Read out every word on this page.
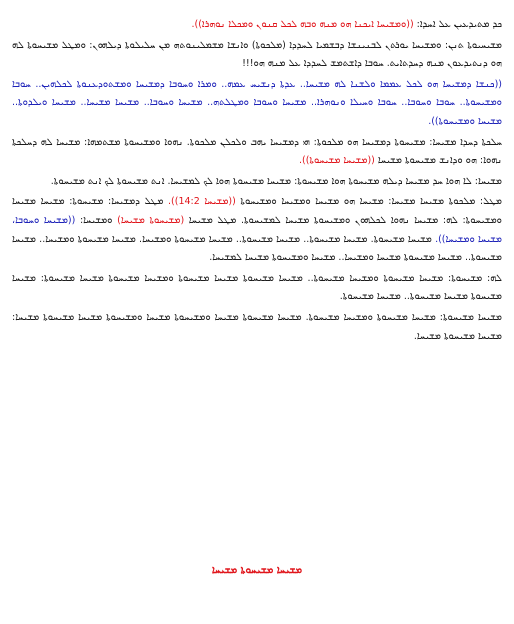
ܟܕ ܡܬܝܕܥܝܢ ܥܠ ܐܚܕܐ: ((ܘܡܫܝܚܐ ܐܝܟܢܐ ܗܘ ܡܢܗ ܘܒܗ ܠܟܠ ܩܢܘܢ ܘܡܟܠܐ ܢܘܗܪܐ)).

ܡܫܝܚܝܘܬܐ ܬܢܢ: ܘܡܫܝܚܐ ܝܘܪܬܢ ܠܒܢܝܢܫܐ ܕܒܫܡܝܐ ܠܚܕܕܐ (ܡܠܟܘܬܐ) ܘܐܢܫܐ ܡܫܡܠܝܢܘܬܗ ܡܢ ܚܠܝܠܘܬܐ ܕܝܠܗܘܢ: ܘܡܛܠ ܡܫܝܚܘܬܐ ܠܗ ܗܘ ܕܢܬܝܕܥܘܢ ܡܢܗ ܕܚܕܬܐܝܬ. ܚܘܒܐ ܕܐܫܬܡܫ ܠܚܕܕܐ ܥܠ ܡܢܗ ܗܘ!!!

((ܟܢܫܐ ܕܡܫܝܚܐ ܗܘ ܠܟܠ ܥܡܡܐ ܘܠܫܢܐ ܠܗ ܡܫܝܚܐ.. ܥܕܬܐ ܕܢܫܝܚ ܥܡܗ.. ܘܡܪܐ ܘܚܘܒܐ ܕܡܫܝܚܐ ܘܡܫܬܘܕܥܢܘܬܐ ܠܟܠܗܝܢ.. ܚܘܒܐ ܘܡܫܝܚܘܬܐ.. ܚܘܒܐ ܘܚܘܒܐ.. ܚܘܒܐ ܘܚܝܠܐ ܘܢܘܗܪܐ.. ܡܫܝܚܐ ܘܚܘܒܐ ܘܡܛܠܬܗ.. ܡܫܝܚܐ ܘܚܘܒܐ.. ܡܫܝܚܐ ܡܫܝܚܐ.. ܡܫܝܚܐ ܘܝܠܕܘܬܐ.. ܡܫܝܚܐ ܘܡܫܝܚܘܬܐ)).

ܚܠܟܬܐ ܕܚܕܐ ܡܫܝܚܐ: ܡܫܝܚܘܬܐ ܕܡܫܝܚܐ ܗܘ ܡܠܟܘܬܐ: ܗܝ ܕܡܫܝܚܐ ܝܗܒ ܘܠܟܠܢ ܡܠܟܘܬܐ. ܢܗܘܐ ܘܡܫܝܚܘܬܐ ܡܫܬܡܗܐ: ܡܫܝܚܐ ܠܗ ܕܚܠܟܬܐ ܢܗܘܐ: ܗܘ ܘܕܐܢܫ ܡܫܝܚܘܬܐ ܡܫܝܚܐ ((ܡܫܝܚܐ ܡܫܝܚܘܬܐ)).

ܡܫܝܚܐ: ܠܐ ܗܘܐ ܚܕ ܡܫܝܚܐ ܕܝܠܗ ܡܫܝܚܘܬܐ ܗܘܐ ܡܫܝܚܘܬܐ: ܡܫܝܚܐ ܡܫܝܚܘܬܐ ܗܘܐ ܠܟ ܠܡܫܝܚܐ. ܐܢܬ ܡܫܝܚܘܬܐ ܠܟ ܐܢܬ ܡܫܝܚܘܬܐ.

ܡܛܠ: ܡܠܟܘܬܐ ܡܫܝܚܐ ܡܫܝܚܐ: ܡܫܝܚܐ ܗܘ ܡܫܝܚܐ ܘܡܫܝܚܐ ܘܡܫܝܚܘܬܐ ((ܡܫܝܚܐ 14:2)). ܡܛܠ ܕܡܫܝܚܐ: ܡܫܝܚܘܬܐ: ܡܫܝܚܐ ܡܫܝܚܐ ܘܡܫܝܚܘܬܐ: ܠܗ: ܡܫܝܚܐ ܢܗܘܐ ܠܟܠܗܘܢ ܘܡܫܝܚܘܬܐ ܡܫܝܚܐ ܠܡܫܝܚܘܬܐ. ܡܛܠ ܡܫܝܚܐ (ܡܫܝܚܘܬܐ ܡܫܝܚܐ) ܘܡܫܝܚܐ: ((ܡܫܝܚܐ ܘܚܘܒܐ، ܡܫܝܚܐ ܘܡܫܝܚܐ)). ܡܫܝܚܐ ܡܫܝܚܘܬܐ. ܡܫܝܚܐ ܡܫܝܚܘܬܐ.. ܡܫܝܚܐ ܡܫܝܚܘܬܐ.. ܡܫܝܚܐ ܡܫܝܚܘܬܐ ܘܡܫܝܚܐ. ܡܫܝܚܐ ܡܫܝܚܘܬܐ ܘܡܫܝܚܐ.. ܡܫܝܚܐ ܡܫܝܚܘܬܐ.. ܡܫܝܚܐ ܡܫܝܚܘܬܐ ܡܫܝܚܐ ܘܡܫܝܚܐ.. ܡܫܝܚܐ ܘܡܫܝܚܘܬܐ ܡܫܝܚܐ ܠܡܫܝܚܐ.

ܠܗ: ܡܫܝܚܘܬܐ: ܡܫܝܚܐ ܡܫܝܚܘܬܐ ܘܡܫܝܚܐ ܡܫܝܚܘܬܐ.. ܡܫܝܚܐ ܡܫܝܚܘܬܐ ܡܫܝܚܐ ܡܫܝܚܘܬܐ ܘܡܫܝܚܐ ܡܫܝܚܘܬܐ ܡܫܝܚܐ ܡܫܝܚܘܬܐ: ܡܫܝܚܐ ܡܫܝܚܘܬܐ ܡܫܝܚܐ ܡܫܝܚܘܬܐ.. ܡܫܝܚܐ ܡܫܝܚܘܬܐ.

ܡܫܝܚܐ ܡܫܝܚܘܬܐ: ܡܫܝܚܐ ܡܫܝܚܘܬܐ ܘܡܫܝܚܐ ܡܫܝܚܘܬܐ. ܡܫܝܚܐ ܡܫܝܚܘܬܐ ܡܫܝܚܐ ܘܡܫܝܚܘܬܐ ܡܫܝܚܐ ܘܡܫܝܚܘܬܐ ܡܫܝܚܐ ܡܫܝܚܘܬܐ ܡܫܝܚܐ: ܡܫܝܚܐ ܡܫܝܚܘܬܐ ܡܫܝܚܐ.

ܡܫܝܚܐ ܡܫܝܚܘܬܐ ܡܫܝܚܐ
